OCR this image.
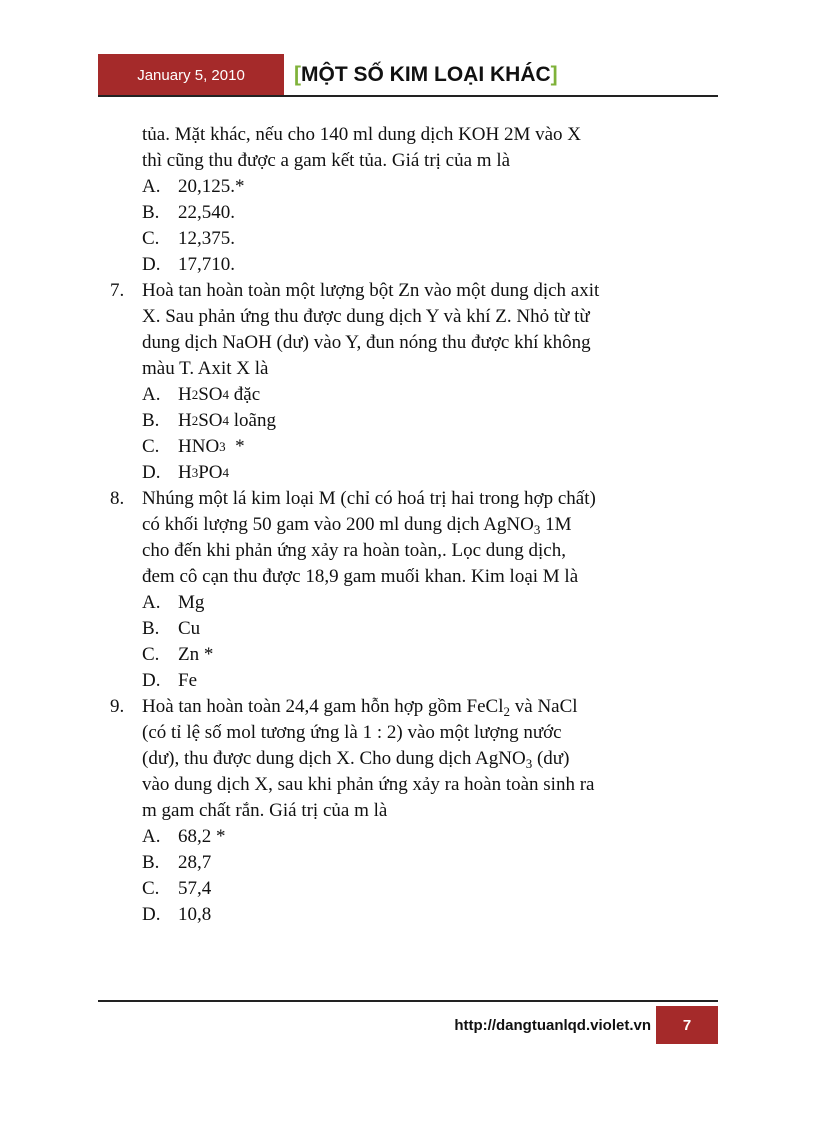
January 5, 2010	[ MỘT SỐ KIM LOẠI KHÁC ]

tủa. Mặt khác, nếu cho 140 ml dung dịch KOH 2M vào X

thì cũng thu được a gam kết tủa. Giá trị của m là

A. 20,125.*
B. 22,540.
C. 12,375.
D. 17,710.
7. Hoà tan hoàn toàn một lượng bột Zn vào một dung dịch axit

X. Sau phản ứng thu được dung dịch Y và khí Z. Nhỏ từ từ

dung dịch NaOH (dư) vào Y, đun nóng thu được khí không

màu T. Axit X là

A. H 2 SO 4 đặc
B. H 2 SO 4 loãng
C. HNO 3 *
D. H 3 PO 4
8. Nhúng một lá kim loại M (chỉ có hoá trị hai trong hợp chất)

có khối lượng 50 gam vào 200 ml dung dịch AgNO$_3$ 1M

cho đến khi phản ứng xảy ra hoàn toàn,. Lọc dung dịch,

đem cô cạn thu được 18,9 gam muối khan. Kim loại M là

A. Mg
B. Cu
C. Zn *
D. Fe
9. Hoà tan hoàn toàn 24,4 gam hỗn hợp gồm FeCl$_2$ và NaCl

(có tỉ lệ số mol tương ứng là 1 : 2) vào một lượng nước

(dư), thu được dung dịch X. Cho dung dịch AgNO$_3$ (dư)

vào dung dịch X, sau khi phản ứng xảy ra hoàn toàn sinh ra

m gam chất rắn. Giá trị của m là

A. 68,2 *
B. 28,7
C. 57,4
D. 10,8
http://dangtuanlqd.violet.vn	7
